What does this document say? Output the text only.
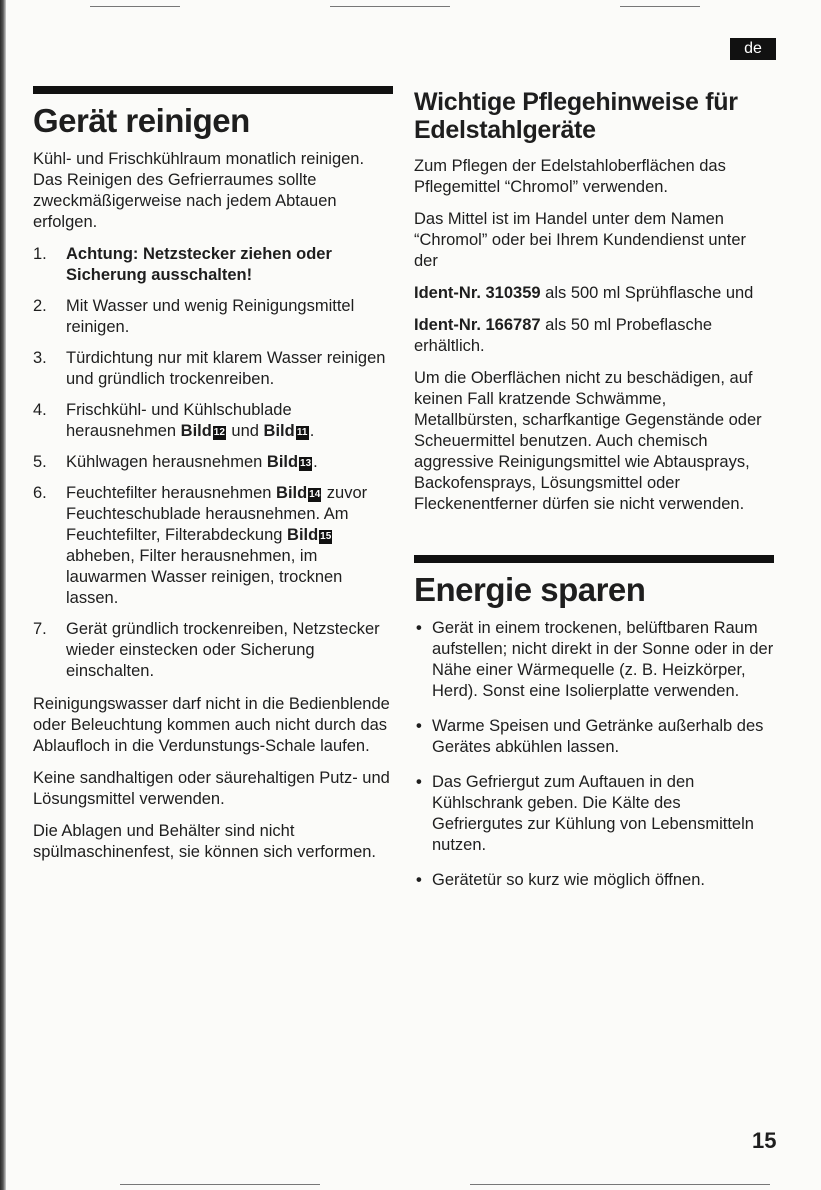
de
Gerät reinigen

Kühl- und Frischkühlraum monatlich reinigen. Das Reinigen des Gefrierraumes sollte zweckmäßigerweise nach jedem Abtauen erfolgen.

1. Achtung: Netzstecker ziehen oder Sicherung ausschalten!
2. Mit Wasser und wenig Reinigungsmittel reinigen.
3. Türdichtung nur mit klarem Wasser reinigen und gründlich trockenreiben.
4. Frischkühl- und Kühlschublade herausnehmen Bild 12 und Bild 11 .
5. Kühlwagen herausnehmen Bild 13 .
6. Feuchtefilter herausnehmen Bild 14 zuvor Feuchteschublade herausnehmen. Am Feuchtefilter, Filterabdeckung Bild 15 abheben, Filter herausnehmen, im lauwarmen Wasser reinigen, trocknen lassen.
7. Gerät gründlich trockenreiben, Netzstecker wieder einstecken oder Sicherung einschalten.

Reinigungswasser darf nicht in die Bedienblende oder Beleuchtung kommen auch nicht durch das Ablaufloch in die Verdunstungs-Schale laufen.

Keine sandhaltigen oder säurehaltigen Putz- und Lösungsmittel verwenden.

Die Ablagen und Behälter sind nicht spülmaschinenfest, sie können sich verformen.

Wichtige Pflegehinweise für Edelstahlgeräte

Zum Pflegen der Edelstahloberflächen das Pflegemittel “Chromol” verwenden.

Das Mittel ist im Handel unter dem Namen “Chromol” oder bei Ihrem Kundendienst unter der

Ident-Nr. 310359 als 500 ml Sprühflasche und

Ident-Nr. 166787 als 50 ml Probeflasche erhältlich.

Um die Oberflächen nicht zu beschädigen, auf keinen Fall kratzende Schwämme, Metallbürsten, scharfkantige Gegenstände oder Scheuermittel benutzen. Auch chemisch aggressive Reinigungsmittel wie Abtausprays, Backofensprays, Lösungsmittel oder Fleckenentferner dürfen sie nicht verwenden.

Energie sparen
• Gerät in einem trockenen, belüftbaren Raum aufstellen; nicht direkt in der Sonne oder in der Nähe einer Wärmequelle (z. B. Heizkörper, Herd). Sonst eine Isolierplatte verwenden.
• Warme Speisen und Getränke außerhalb des Gerätes abkühlen lassen.
• Das Gefriergut zum Auftauen in den Kühlschrank geben. Die Kälte des Gefriergutes zur Kühlung von Lebensmitteln nutzen.
• Gerätetür so kurz wie möglich öffnen.
15
